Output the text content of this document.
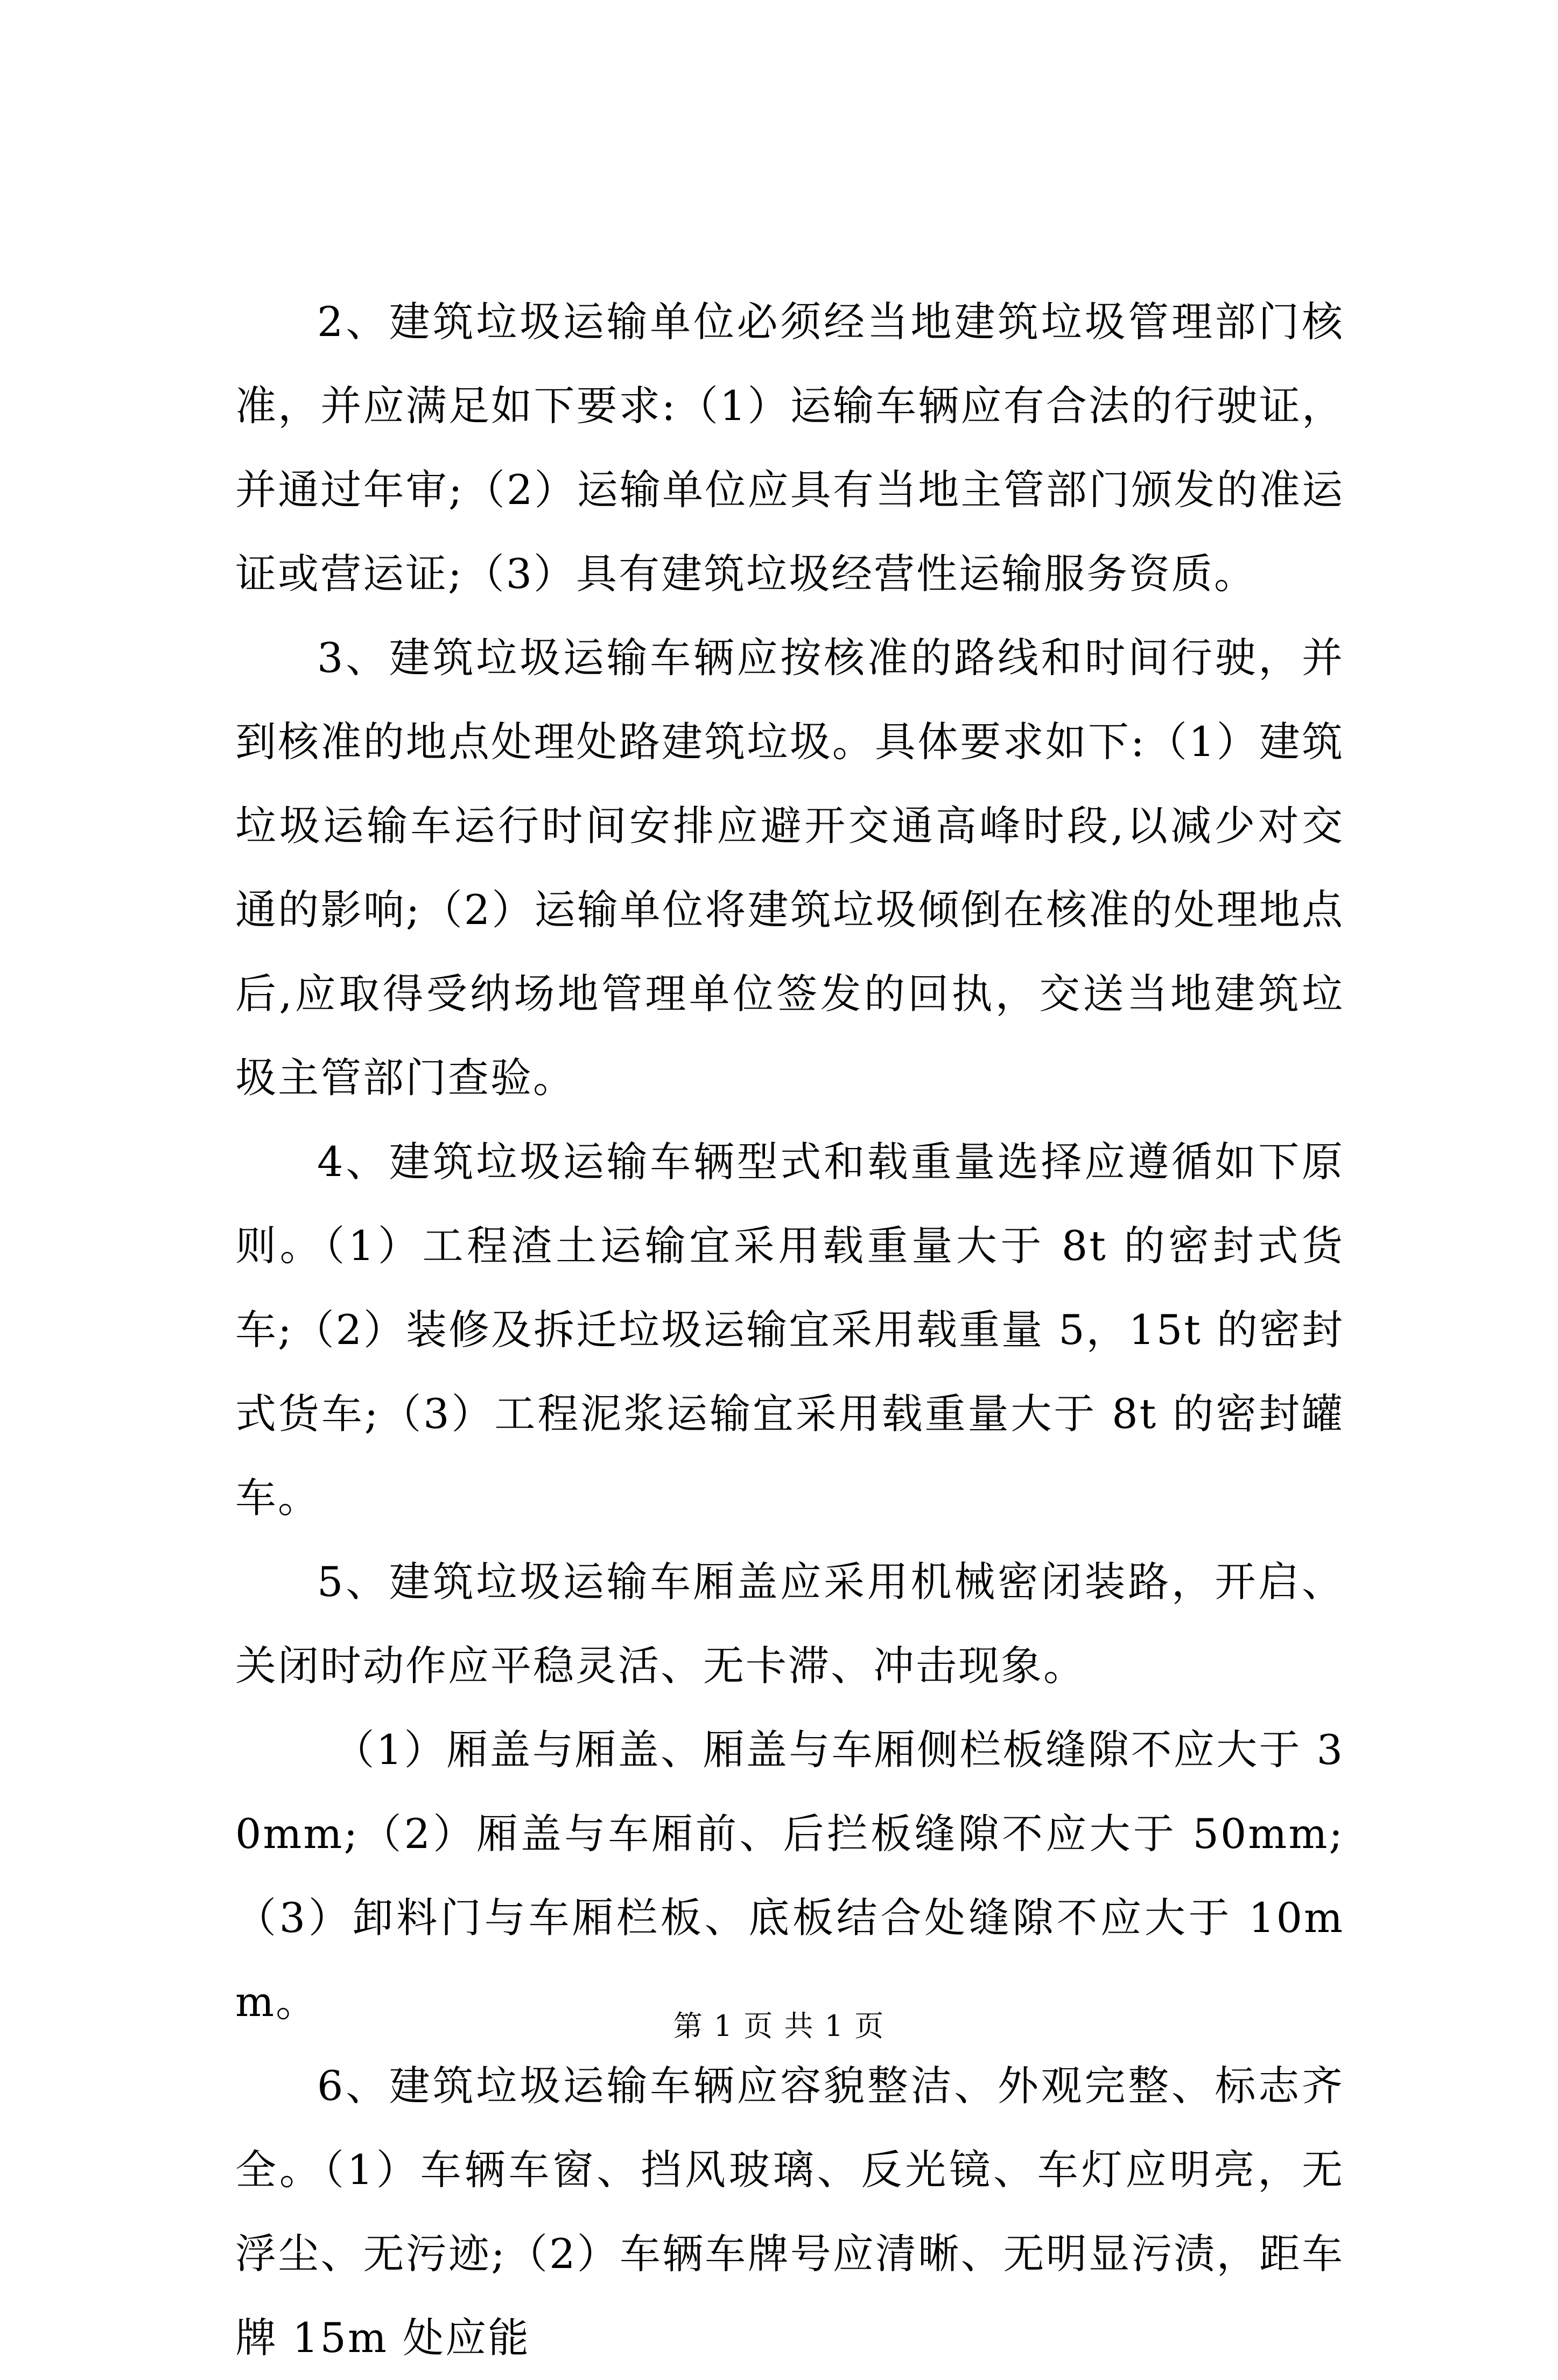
2、建筑垃圾运输单位必须经当地建筑垃圾管理部门核准，并应满足如下要求:（1）运输车辆应有合法的行驶证，并通过年审;（2）运输单位应具有当地主管部门颁发的准运证或营运证;（3）具有建筑垃圾经营性运输服务资质。

3、建筑垃圾运输车辆应按核准的路线和时间行驶，并到核准的地点处理处路建筑垃圾。具体要求如下:（1）建筑垃圾运输车运行时间安排应避开交通高峰时段,以减少对交通的影响;（2）运输单位将建筑垃圾倾倒在核准的处理地点后,应取得受纳场地管理单位签发的回执，交送当地建筑垃圾主管部门查验。

4、建筑垃圾运输车辆型式和载重量选择应遵循如下原则。（1）工程渣土运输宜采用载重量大于 8t 的密封式货车;（2）装修及拆迁垃圾运输宜采用载重量 5，15t 的密封式货车;（3）工程泥浆运输宜采用载重量大于 8t 的密封罐车。

5、建筑垃圾运输车厢盖应采用机械密闭装路，开启、关闭时动作应平稳灵活、无卡滞、冲击现象。

（1）厢盖与厢盖、厢盖与车厢侧栏板缝隙不应大于 30mm;（2）厢盖与车厢前、后拦板缝隙不应大于 50mm;（3）卸料门与车厢栏板、底板结合处缝隙不应大于 10mm。

6、建筑垃圾运输车辆应容貌整洁、外观完整、标志齐全。（1）车辆车窗、挡风玻璃、反光镜、车灯应明亮，无浮尘、无污迹;（2）车辆车牌号应清晰、无明显污渍，距车牌 15m 处应能

第 1 页 共 1 页
